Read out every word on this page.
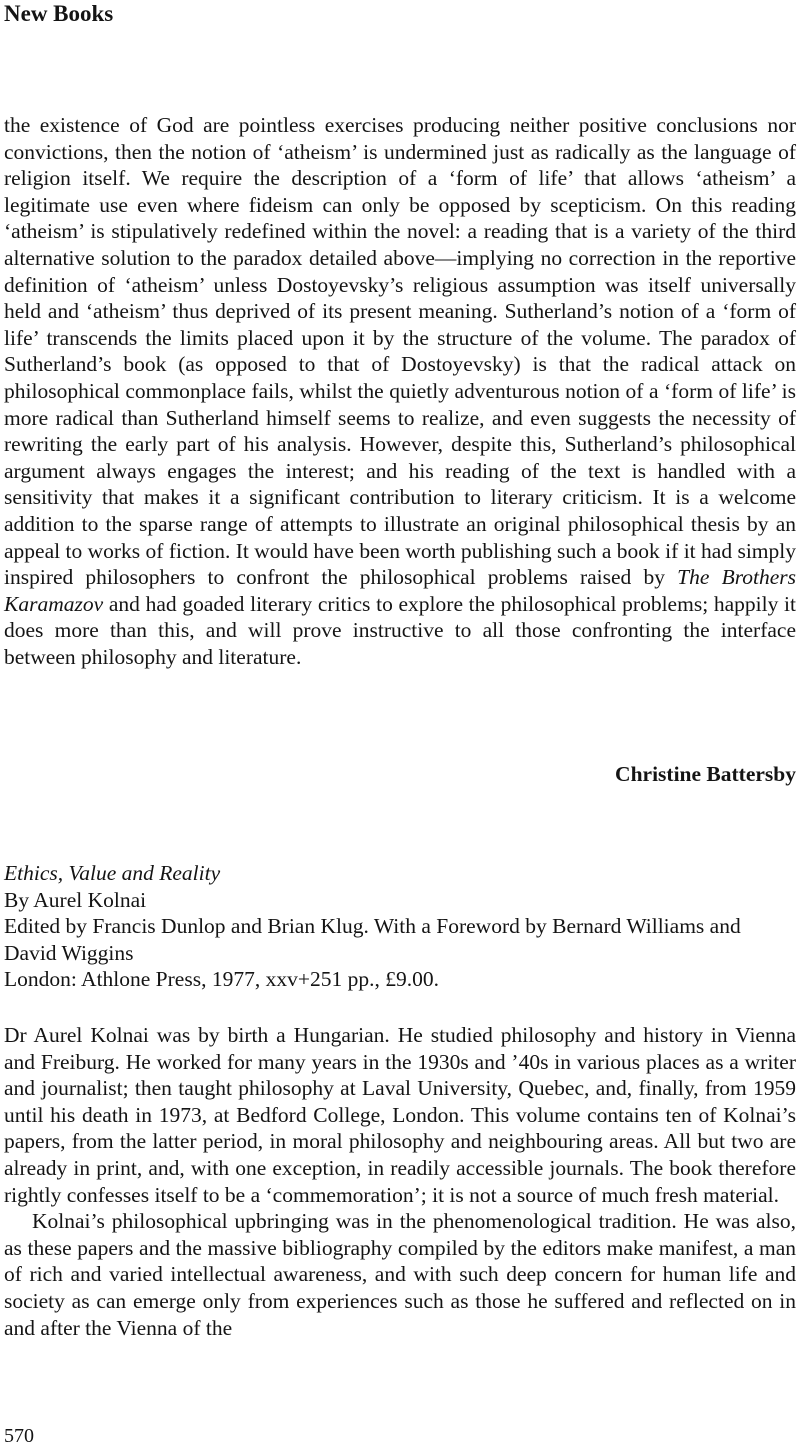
New Books

the existence of God are pointless exercises producing neither positive conclusions nor convictions, then the notion of ‘atheism’ is undermined just as radically as the language of religion itself. We require the description of a ‘form of life’ that allows ‘atheism’ a legitimate use even where fideism can only be opposed by scepticism. On this reading ‘atheism’ is stipulatively redefined within the novel: a reading that is a variety of the third alternative solution to the paradox detailed above—implying no correction in the reportive definition of ‘atheism’ unless Dostoyevsky’s religious assumption was itself universally held and ‘atheism’ thus deprived of its present meaning. Sutherland’s notion of a ‘form of life’ transcends the limits placed upon it by the structure of the volume. The paradox of Sutherland’s book (as opposed to that of Dostoyevsky) is that the radical attack on philosophical commonplace fails, whilst the quietly adventurous notion of a ‘form of life’ is more radical than Sutherland himself seems to realize, and even suggests the necessity of rewriting the early part of his analysis. However, despite this, Sutherland’s philosophical argument always engages the interest; and his reading of the text is handled with a sensitivity that makes it a significant contribution to literary criticism. It is a welcome addition to the sparse range of attempts to illustrate an original philosophical thesis by an appeal to works of fiction. It would have been worth publishing such a book if it had simply inspired philosophers to confront the philosophical problems raised by The Brothers Karamazov and had goaded literary critics to explore the philosophical problems; happily it does more than this, and will prove instructive to all those confronting the interface between philosophy and literature.

Christine Battersby
Ethics, Value and Reality
By Aurel Kolnai
Edited by Francis Dunlop and Brian Klug. With a Foreword by Bernard Williams and David Wiggins
London: Athlone Press, 1977, xxv+251 pp., £9.00.

Dr Aurel Kolnai was by birth a Hungarian. He studied philosophy and history in Vienna and Freiburg. He worked for many years in the 1930s and ’40s in various places as a writer and journalist; then taught philosophy at Laval University, Quebec, and, finally, from 1959 until his death in 1973, at Bedford College, London. This volume contains ten of Kolnai’s papers, from the latter period, in moral philosophy and neighbouring areas. All but two are already in print, and, with one exception, in readily accessible journals. The book therefore rightly confesses itself to be a ‘commemoration’; it is not a source of much fresh material.

Kolnai’s philosophical upbringing was in the phenomenological tradition. He was also, as these papers and the massive bibliography compiled by the editors make manifest, a man of rich and varied intellectual awareness, and with such deep concern for human life and society as can emerge only from experiences such as those he suffered and reflected on in and after the Vienna of the

570
